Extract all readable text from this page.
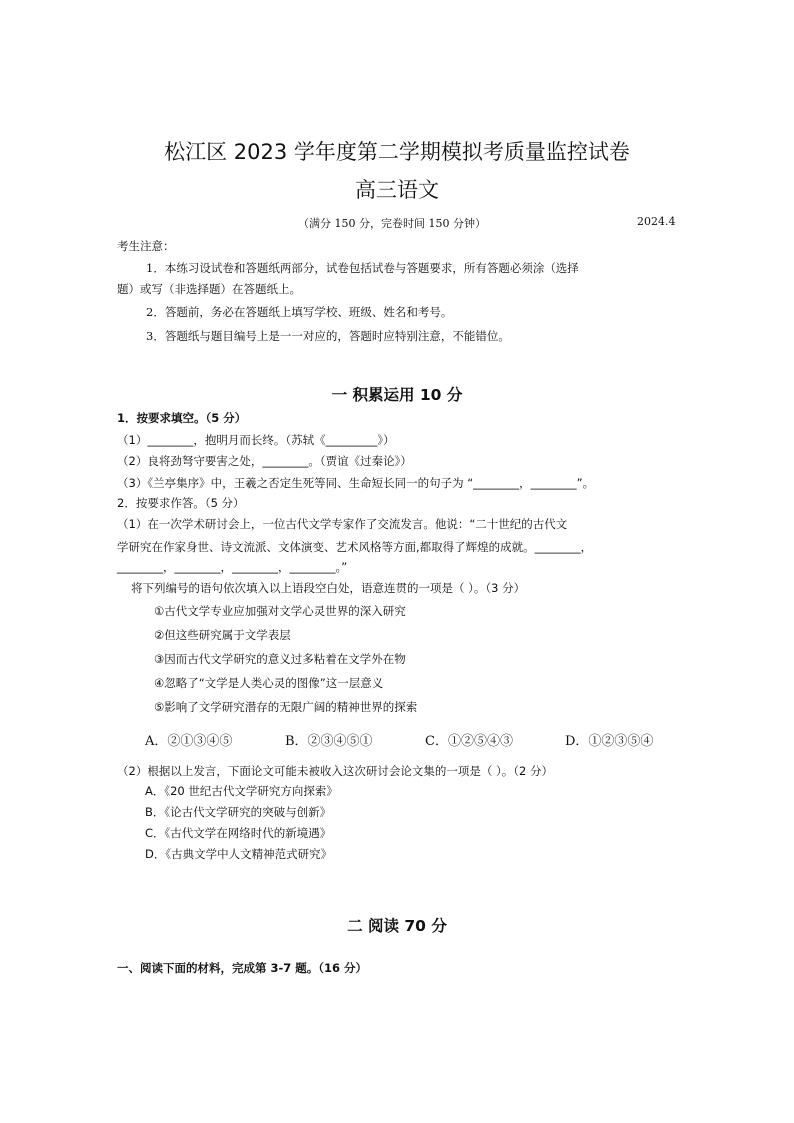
松江区 2023 学年度第二学期模拟考质量监控试卷
高三语文
（满分 150 分，完卷时间 150 分钟）	2024.4
考生注意：
1．本练习设试卷和答题纸两部分，试卷包括试卷与答题要求，所有答题必须涂（选择
题）或写（非选择题）在答题纸上。
2．答题前，务必在答题纸上填写学校、班级、姓名和考号。
3．答题纸与题目编号上是一一对应的，答题时应特别注意，不能错位。
一 积累运用 10 分
1．按要求填空。（5 分）
（1）________，抱明月而长终。（苏轼《_________》）
（2）良将劲弩守要害之处，________。（贾谊《过秦论》）
（3）《兰亭集序》中，王羲之否定生死等同、生命短长同一的句子为 “________，________”。
2．按要求作答。（5 分）
（1）在一次学术研讨会上，一位古代文学专家作了交流发言。他说：“二十世纪的古代文
学研究在作家身世、诗文流派、文体演变、艺术风格等方面,都取得了辉煌的成就。________，
________，________，________，________。”
将下列编号的语句依次填入以上语段空白处，语意连贯的一项是（ ）。（3 分）
①古代文学专业应加强对文学心灵世界的深入研究
②但这些研究属于文学表层
③因而古代文学研究的意义过多粘着在文学外在物
④忽略了“文学是人类心灵的图像”这一层意义
⑤影响了文学研究潜存的无限广阔的精神世界的探索
A．②①③④⑤	B．②③④⑤①	C．①②⑤④③	D．①②③⑤④
（2）根据以上发言，下面论文可能未被收入这次研讨会论文集的一项是（ ）。（2 分）
A．《20 世纪古代文学研究方向探索》
B．《论古代文学研究的突破与创新》
C．《古代文学在网络时代的新境遇》
D．《古典文学中人文精神范式研究》
二 阅读 70 分
一、阅读下面的材料，完成第 3-7 题。（16 分）
